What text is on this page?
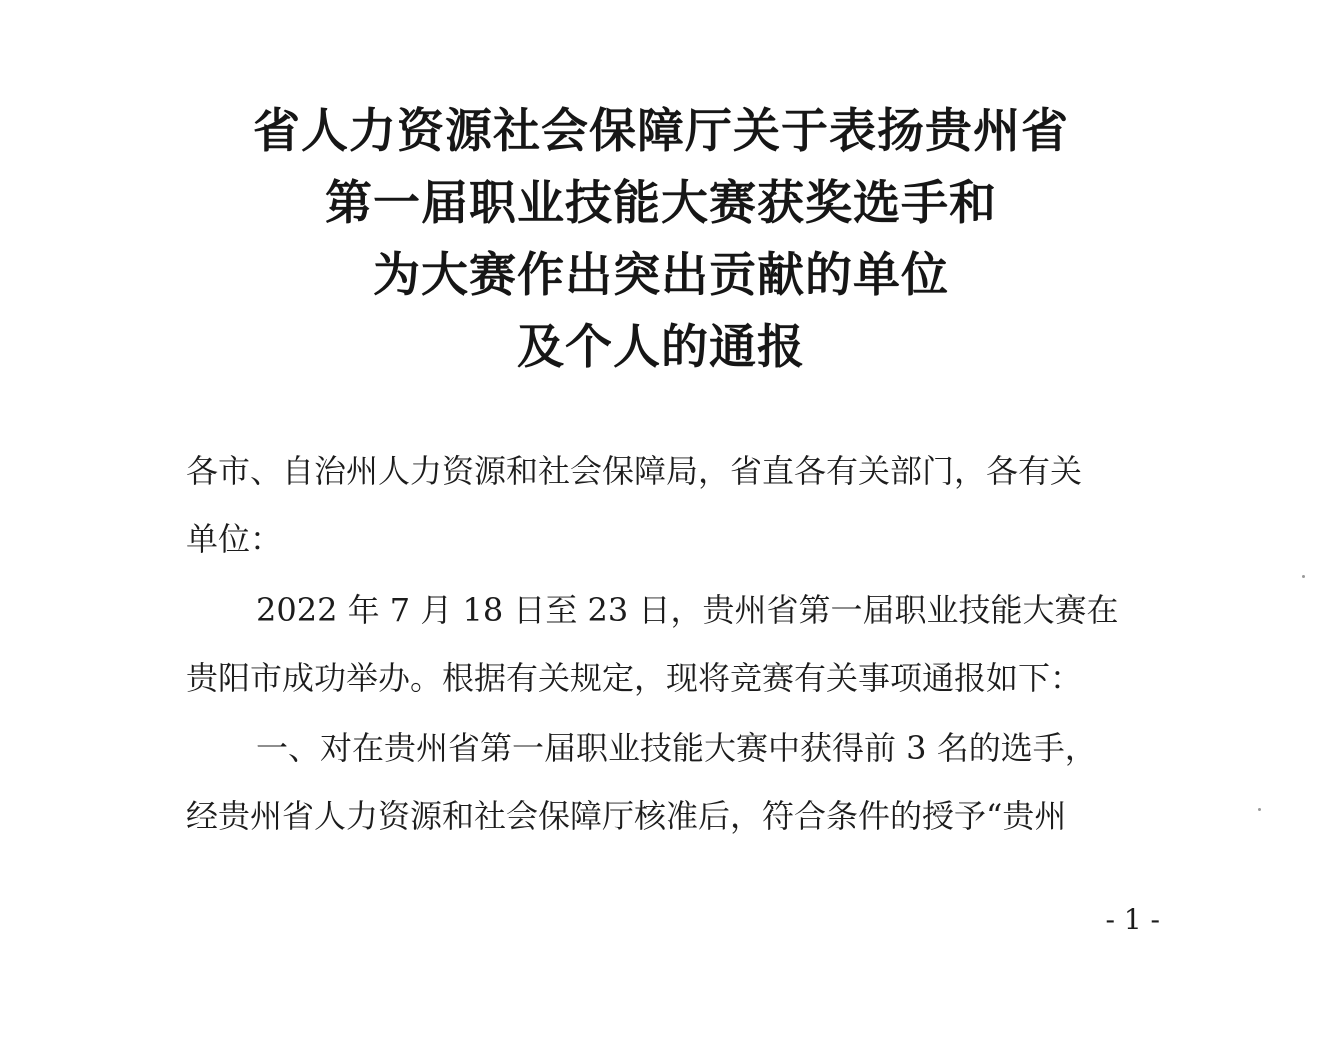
省人力资源社会保障厅关于表扬贵州省
第一届职业技能大赛获奖选手和
为大赛作出突出贡献的单位
及个人的通报
各市、自治州人力资源和社会保障局，省直各有关部门，各有关
单位：
2022 年 7 月 18 日至 23 日，贵州省第一届职业技能大赛在
贵阳市成功举办。根据有关规定，现将竞赛有关事项通报如下：
一、对在贵州省第一届职业技能大赛中获得前 3 名的选手，
经贵州省人力资源和社会保障厅核准后，符合条件的授予“贵州
- 1 -
